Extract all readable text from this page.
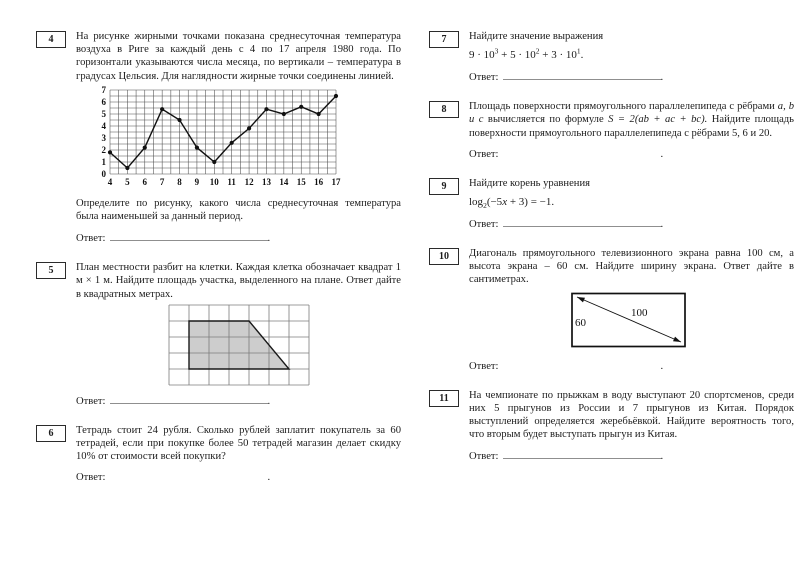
4	На рисунке жирными точками показана среднесуточная температура воздуха в Риге за каждый день с 4 по 17 апреля 1980 года. По горизонтали указываются числа месяца, по вертикали – температура в градусах Цельсия. Для наглядности жирные точки соединены линией.

0
1
2
3
4
5
6
7
4 5 6 7 8 9 10 11 12 13 14 15 16 17

Определите по рисунку, какого числа среднесуточная температура была наименьшей за данный период.

Ответ:	.
5	План местности разбит на клетки. Каждая клетка обозначает квадрат 1 м × 1 м. Найдите площадь участка, выделенного на плане. Ответ дайте в квадратных метрах.

Ответ:	.
6	Тетрадь стоит 24 рубля. Сколько рублей заплатит покупатель за 60 тетрадей, если при покупке более 50 тетрадей магазин делает скидку 10% от стоимости всей покупки?

Ответ:	.
7	Найдите значение выражения

$9 \cdot 10^3 + 5 \cdot 10^2 + 3 \cdot 10^1$.

Ответ:	.
8	Площадь поверхности прямоугольного параллелепипеда с рёбрами a, b и c вычисляется по формуле S = 2(ab + ac + bc). Найдите площадь поверхности прямоугольного параллелепипеда с рёбрами 5, 6 и 20.

Ответ:	.
9	Найдите корень уравнения

$\log_2(-5x + 3) = -1$.

Ответ:	.
10	Диагональ прямоугольного телевизионного экрана равна 100 см, а высота экрана – 60 см. Найдите ширину экрана. Ответ дайте в сантиметрах.

60
100
Ответ:	.
11	На чемпионате по прыжкам в воду выступают 20 спортсменов, среди них 5 прыгунов из России и 7 прыгунов из Китая. Порядок выступлений определяется жеребьёвкой. Найдите вероятность того, что вторым будет выступать прыгун из Китая.

Ответ:	.
